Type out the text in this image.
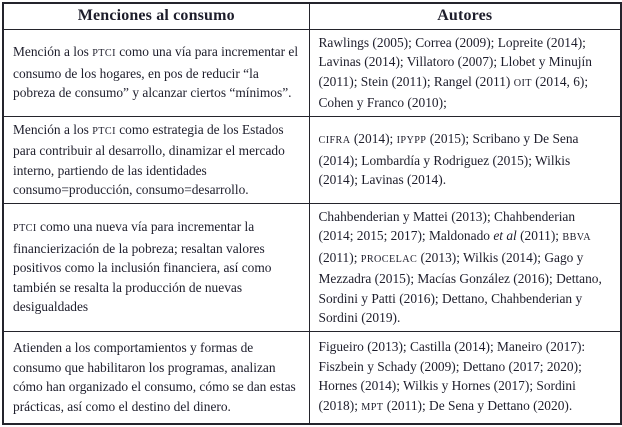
Menciones al consumo	Autores
Mención a los PTCI como una vía para incrementar el consumo de los hogares, en pos de reducir “la pobreza de consumo” y alcanzar ciertos “mínimos”.	Rawlings (2005); Correa (2009); Lopreite (2014); Lavinas (2014); Villatoro (2007); Llobet y Minujín (2011); Stein (2011); Rangel (2011) OIT (2014, 6); Cohen y Franco (2010);
Mención a los PTCI como estrategia de los Estados para contribuir al desarrollo, dinamizar el mercado interno, partiendo de las identidades consumo=producción, consumo=desarrollo.	CIFRA (2014); IPYPP (2015); Scribano y De Sena (2014); Lombardía y Rodriguez (2015); Wilkis (2014); Lavinas (2014).
PTCI como una nueva vía para incrementar la financierización de la pobreza; resaltan valores positivos como la inclusión financiera, así como también se resalta la producción de nuevas desigualdades	Chahbenderian y Mattei (2013); Chahbenderian (2014; 2015; 2017); Maldonado et al (2011); BBVA (2011); PROCELAC (2013); Wilkis (2014); Gago y Mezzadra (2015); Macías González (2016); Dettano, Sordini y Patti (2016); Dettano, Chahbenderian y Sordini (2019).
Atienden a los comportamientos y formas de consumo que habilitaron los programas, analizan cómo han organizado el consumo, cómo se dan estas prácticas, así como el destino del dinero.	Figueiro (2013); Castilla (2014); Maneiro (2017): Fiszbein y Schady (2009); Dettano (2017; 2020); Hornes (2014); Wilkis y Hornes (2017); Sordini (2018); MPT (2011); De Sena y Dettano (2020).
